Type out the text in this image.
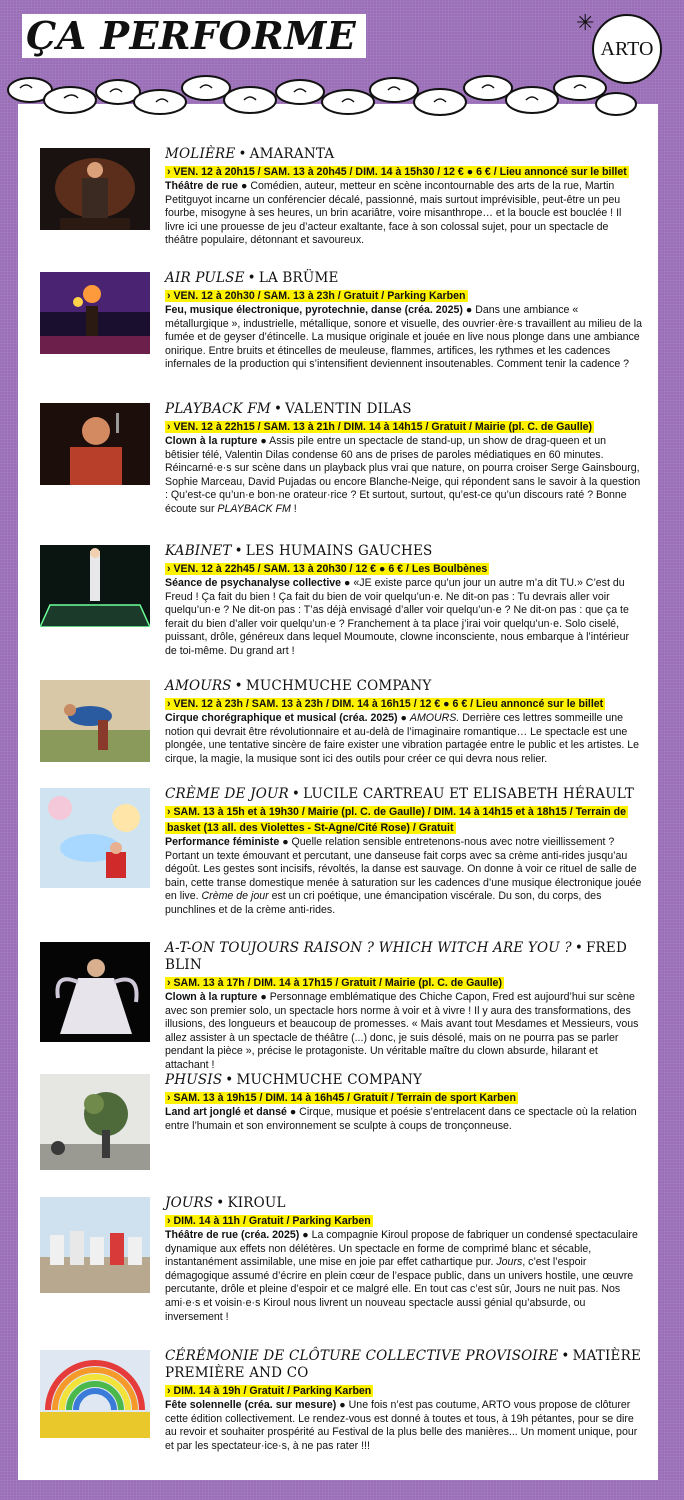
ÇA PERFORME	✳
ARTO
MOLIÈRE • AMARANTA
› VEN. 12 à 20h15 / SAM. 13 à 20h45 / DIM. 14 à 15h30 / 12 € ● 6 € / Lieu annoncé sur le billet

Théâtre de rue ● Comédien, auteur, metteur en scène incontournable des arts de la rue, Martin Petitguyot incarne un conférencier décalé, passionné, mais surtout imprévisible, peut-être un peu fourbe, misogyne à ses heures, un brin acariâtre, voire misanthrope… et la boucle est bouclée ! Il livre ici une prouesse de jeu d’acteur exaltante, face à son colossal sujet, pour un spectacle de théâtre populaire, détonnant et savoureux.

AIR PULSE • LA BRÜME
› VEN. 12 à 20h30 / SAM. 13 à 23h / Gratuit / Parking Karben

Feu, musique électronique, pyrotechnie, danse (créa. 2025) ● Dans une ambiance « métallurgique », industrielle, métallique, sonore et visuelle, des ouvrier·ère·s travaillent au milieu de la fumée et de geyser d’étincelle. La musique originale et jouée en live nous plonge dans une ambiance onirique. Entre bruits et étincelles de meuleuse, flammes, artifices, les rythmes et les cadences infernales de la production qui s’intensifient deviennent insoutenables. Comment tenir la cadence ?

PLAYBACK FM • VALENTIN DILAS
› VEN. 12 à 22h15 / SAM. 13 à 21h / DIM. 14 à 14h15 / Gratuit / Mairie (pl. C. de Gaulle)

Clown à la rupture ● Assis pile entre un spectacle de stand-up, un show de drag-queen et un bêtisier télé, Valentin Dilas condense 60 ans de prises de paroles médiatiques en 60 minutes. Réincarné·e·s sur scène dans un playback plus vrai que nature, on pourra croiser Serge Gainsbourg, Sophie Marceau, David Pujadas ou encore Blanche-Neige, qui répondent sans le savoir à la question : Qu’est-ce qu’un·e bon·ne orateur·rice ? Et surtout, surtout, qu’est-ce qu’un discours raté ? Bonne écoute sur PLAYBACK FM !

KABINET • LES HUMAINS GAUCHES
› VEN. 12 à 22h45 / SAM. 13 à 20h30 / 12 € ● 6 € / Les Boulbènes

Séance de psychanalyse collective ● «JE existe parce qu’un jour un autre m’a dit TU.» C’est du Freud ! Ça fait du bien ! Ça fait du bien de voir quelqu’un·e. Ne dit-on pas : Tu devrais aller voir quelqu’un·e ? Ne dit-on pas : T’as déjà envisagé d’aller voir quelqu’un·e ? Ne dit-on pas : que ça te ferait du bien d’aller voir quelqu’un·e ? Franchement à ta place j’irai voir quelqu’un·e. Solo ciselé, puissant, drôle, généreux dans lequel Moumoute, clowne inconsciente, nous embarque à l’intérieur de toi-même. Du grand art !

AMOURS • MUCHMUCHE COMPANY
› VEN. 12 à 23h / SAM. 13 à 23h / DIM. 14 à 16h15 / 12 € ● 6 € / Lieu annoncé sur le billet

Cirque chorégraphique et musical (créa. 2025) ● AMOURS. Derrière ces lettres sommeille une notion qui devrait être révolutionnaire et au-delà de l’imaginaire romantique… Le spectacle est une plongée, une tentative sincère de faire exister une vibration partagée entre le public et les artistes. Le cirque, la magie, la musique sont ici des outils pour créer ce qui devra nous relier.

CRÈME DE JOUR • LUCILE CARTREAU ET ELISABETH HÉRAULT
› SAM. 13 à 15h et à 19h30 / Mairie (pl. C. de Gaulle) / DIM. 14 à 14h15 et à 18h15 / Terrain de basket (13 all. des Violettes - St-Agne/Cité Rose) / Gratuit

Performance féministe ● Quelle relation sensible entretenons-nous avec notre vieillissement ? Portant un texte émouvant et percutant, une danseuse fait corps avec sa crème anti-rides jusqu’au dégoût. Les gestes sont incisifs, révoltés, la danse est sauvage. On donne à voir ce rituel de salle de bain, cette transe domestique menée à saturation sur les cadences d’une musique électronique jouée en live. Crème de jour est un cri poétique, une émancipation viscérale. Du son, du corps, des punchlines et de la crème anti-rides.

A-T-ON TOUJOURS RAISON ? WHICH WITCH ARE YOU ? • FRED BLIN
› SAM. 13 à 17h / DIM. 14 à 17h15 / Gratuit / Mairie (pl. C. de Gaulle)

Clown à la rupture ● Personnage emblématique des Chiche Capon, Fred est aujourd’hui sur scène avec son premier solo, un spectacle hors norme à voir et à vivre ! Il y aura des transformations, des illusions, des longueurs et beaucoup de promesses. « Mais avant tout Mesdames et Messieurs, vous allez assister à un spectacle de théâtre (...) donc, je suis désolé, mais on ne pourra pas se parler pendant la pièce », précise le protagoniste. Un véritable maître du clown absurde, hilarant et attachant !

PHUSIS • MUCHMUCHE COMPANY
› SAM. 13 à 19h15 / DIM. 14 à 16h45 / Gratuit / Terrain de sport Karben

Land art jonglé et dansé ● Cirque, musique et poésie s’entrelacent dans ce spectacle où la relation entre l’humain et son environnement se sculpte à coups de tronçonneuse.

JOURS • KIROUL
› DIM. 14 à 11h / Gratuit / Parking Karben

Théâtre de rue (créa. 2025) ● La compagnie Kiroul propose de fabriquer un condensé spectaculaire dynamique aux effets non délétères. Un spectacle en forme de comprimé blanc et sécable, instantanément assimilable, une mise en joie par effet cathartique pur. Jours, c’est l’espoir démagogique assumé d’écrire en plein cœur de l’espace public, dans un univers hostile, une œuvre percutante, drôle et pleine d’espoir et ce malgré elle. En tout cas c’est sûr, Jours ne nuit pas. Nos ami·e·s et voisin·e·s Kiroul nous livrent un nouveau spectacle aussi génial qu’absurde, ou inversement !

CÉRÉMONIE DE CLÔTURE COLLECTIVE PROVISOIRE • MATIÈRE PREMIÈRE AND CO
› DIM. 14 à 19h / Gratuit / Parking Karben

Fête solennelle (créa. sur mesure) ● Une fois n’est pas coutume, ARTO vous propose de clôturer cette édition collectivement. Le rendez-vous est donné à toutes et tous, à 19h pétantes, pour se dire au revoir et souhaiter prospérité au Festival de la plus belle des manières... Un moment unique, pour et par les spectateur·ice·s, à ne pas rater !!!
